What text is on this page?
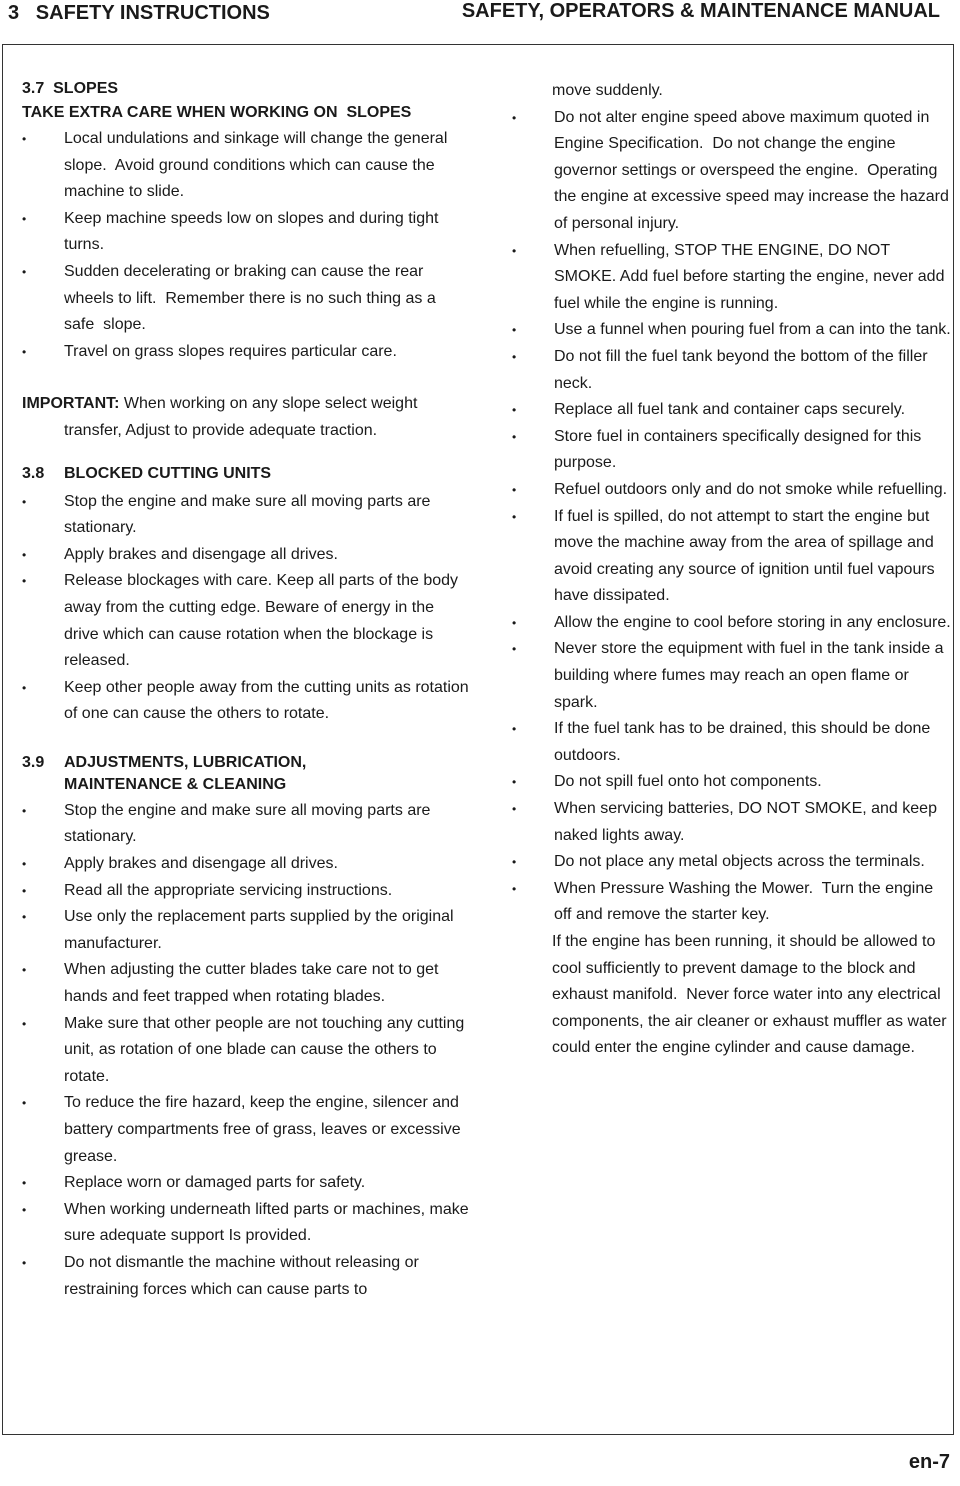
3   SAFETY INSTRUCTIONS	SAFETY, OPERATORS & MAINTENANCE MANUAL
3.7  SLOPES
TAKE EXTRA CARE WHEN WORKING ON  SLOPES
• Local undulations and sinkage will change the general slope.  Avoid ground conditions which can cause the machine to slide.
• Keep machine speeds low on slopes and during tight turns.
• Sudden decelerating or braking can cause the rear wheels to lift.  Remember there is no such thing as a  safe  slope.
• Travel on grass slopes requires particular care.
IMPORTANT: When working on any slope select weight transfer, Adjust to provide adequate traction.
3.8	BLOCKED CUTTING UNITS
• Stop the engine and make sure all moving parts are stationary.
• Apply brakes and disengage all drives.
• Release blockages with care. Keep all parts of the body away from the cutting edge. Beware of energy in the drive which can cause rotation when the blockage is released.
• Keep other people away from the cutting units as rotation of one can cause the others to rotate.
3.9	ADJUSTMENTS, LUBRICATION, MAINTENANCE & CLEANING
• Stop the engine and make sure all moving parts are stationary.
• Apply brakes and disengage all drives.
• Read all the appropriate servicing instructions.
• Use only the replacement parts supplied by the original manufacturer.
• When adjusting the cutter blades take care not to get hands and feet trapped when rotating blades.
• Make sure that other people are not touching any cutting unit, as rotation of one blade can cause the others to rotate.
• To reduce the fire hazard, keep the engine, silencer and battery compartments free of grass, leaves or excessive grease.
• Replace worn or damaged parts for safety.
• When working underneath lifted parts or machines, make sure adequate support Is provided.
• Do not dismantle the machine without releasing or restraining forces which can cause parts to
move suddenly.
• Do not alter engine speed above maximum quoted in Engine Specification.  Do not change the engine governor settings or overspeed the engine.  Operating the engine at excessive speed may increase the hazard of personal injury.
• When refuelling, STOP THE ENGINE, DO NOT SMOKE. Add fuel before starting the engine, never add fuel while the engine is running.
• Use a funnel when pouring fuel from a can into the tank.
• Do not fill the fuel tank beyond the bottom of the filler neck.
• Replace all fuel tank and container caps securely.
• Store fuel in containers specifically designed for this purpose.
• Refuel outdoors only and do not smoke while refuelling.
• If fuel is spilled, do not attempt to start the engine but move the machine away from the area of spillage and avoid creating any source of ignition until fuel vapours have dissipated.
• Allow the engine to cool before storing in any enclosure.
• Never store the equipment with fuel in the tank inside a building where fumes may reach an open flame or spark.
• If the fuel tank has to be drained, this should be done outdoors.
• Do not spill fuel onto hot components.
• When servicing batteries, DO NOT SMOKE, and keep naked lights away.
• Do not place any metal objects across the terminals.
• When Pressure Washing the Mower.  Turn the engine off and remove the starter key.
If the engine has been running, it should be allowed to cool sufficiently to prevent damage to the block and exhaust manifold.  Never force water into any electrical components, the air cleaner or exhaust muffler as water could enter the engine cylinder and cause damage.
en-7
